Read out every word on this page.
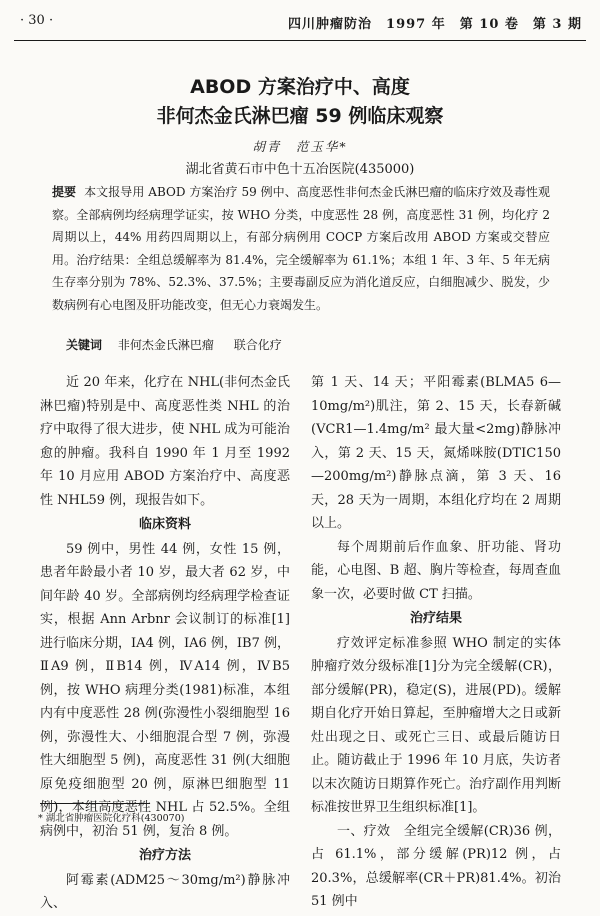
· 30 ·	四川肿瘤防治　1997 年　第 10 卷　第 3 期
ABOD 方案治疗中、高度
非何杰金氏淋巴瘤 59 例临床观察
胡青　范玉华*
湖北省黄石市中色十五冶医院(435000)
提要 本文报导用 ABOD 方案治疗 59 例中、高度恶性非何杰金氏淋巴瘤的临床疗效及毒性观察。全部病例均经病理学证实，按 WHO 分类，中度恶性 28 例，高度恶性 31 例，均化疗 2 周期以上，44% 用药四周期以上，有部分病例用 COCP 方案后改用 ABOD 方案或交替应用。治疗结果：全组总缓解率为 81.4%，完全缓解率为 61.1%；本组 1 年、3 年、5 年无病生存率分别为 78%、52.3%、37.5%；主要毒副反应为消化道反应，白细胞减少、脱发，少数病例有心电图及肝功能改变，但无心力衰竭发生。
关键词 非何杰金氏淋巴瘤 联合化疗

近 20 年来，化疗在 NHL(非何杰金氏淋巴瘤)特别是中、高度恶性类 NHL 的治疗中取得了很大进步，使 NHL 成为可能治愈的肿瘤。我科自 1990 年 1 月至 1992 年 10 月应用 ABOD 方案治疗中、高度恶性 NHL59 例，现报告如下。

临床资料

59 例中，男性 44 例，女性 15 例，患者年龄最小者 10 岁，最大者 62 岁，中间年龄 40 岁。全部病例均经病理学检查证实，根据 Ann Arbnr 会议制订的标准[1]进行临床分期，ⅠA4 例，ⅠA6 例，ⅠB7 例，ⅡA9 例，ⅡB14 例，ⅣA14 例，ⅣB5 例，按 WHO 病理分类(1981)标准，本组内有中度恶性 28 例(弥漫性小裂细胞型 16 例，弥漫性大、小细胞混合型 7 例，弥漫性大细胞型 5 例)，高度恶性 31 例(大细胞原免疫细胞型 20 例，原淋巴细胞型 11 例)，本组高度恶性 NHL 占 52.5%。全组病例中，初治 51 例，复治 8 例。

治疗方法

阿霉素(ADM25～30mg/m²)静脉冲入、

第 1 天、14 天；平阳霉素(BLMA5 6—10mg/m²)肌注，第 2、15 天，长春新碱(VCR1—1.4mg/m² 最大量<2mg)静脉冲入，第 2 天、15 天，氮烯咪胺(DTIC150—200mg/m²)静脉点滴，第 3 天、16 天，28 天为一周期，本组化疗均在 2 周期以上。

每个周期前后作血象、肝功能、肾功能，心电图、B 超、胸片等检查，每周查血象一次，必要时做 CT 扫描。

治疗结果

疗效评定标准参照 WHO 制定的实体肿瘤疗效分级标准[1]分为完全缓解(CR)，部分缓解(PR)，稳定(S)，进展(PD)。缓解期自化疗开始日算起，至肿瘤增大之日或新灶出现之日、或死亡三日、或最后随访日止。随访截止于 1996 年 10 月底，失访者以末次随访日期算作死亡。治疗副作用判断标准按世界卫生组织标准[1]。

一、疗效　全组完全缓解(CR)36 例，占 61.1%，部分缓解(PR)12 例，占 20.3%，总缓解率(CR＋PR)81.4%。初治 51 例中

* 湖北省肿瘤医院化疗科(430070)
